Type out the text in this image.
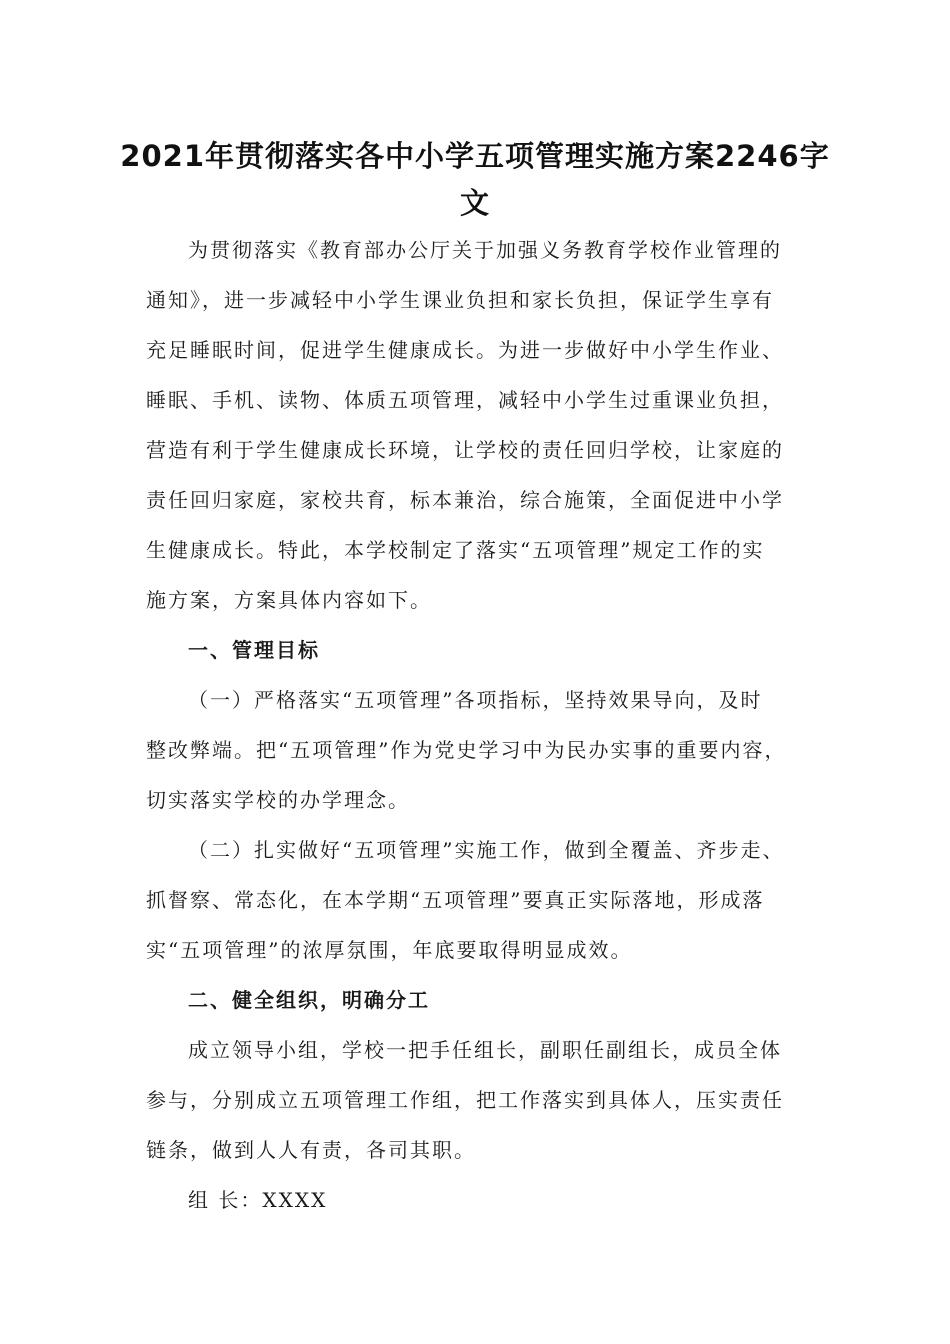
2021年贯彻落实各中小学五项管理实施方案2246字
文
为贯彻落实《教育部办公厅关于加强义务教育学校作业管理的
通知》，进一步减轻中小学生课业负担和家长负担，保证学生享有
充足睡眠时间，促进学生健康成长。为进一步做好中小学生作业、
睡眠、手机、读物、体质五项管理，减轻中小学生过重课业负担，
营造有利于学生健康成长环境，让学校的责任回归学校，让家庭的
责任回归家庭，家校共育，标本兼治，综合施策，全面促进中小学
生健康成长。特此，本学校制定了落实“五项管理”规定工作的实
施方案，方案具体内容如下。
一、管理目标
（一）严格落实“五项管理”各项指标，坚持效果导向，及时
整改弊端。把“五项管理”作为党史学习中为民办实事的重要内容，
切实落实学校的办学理念。
（二）扎实做好“五项管理”实施工作，做到全覆盖、齐步走、
抓督察、常态化，在本学期“五项管理”要真正实际落地，形成落
实“五项管理”的浓厚氛围，年底要取得明显成效。
二、健全组织，明确分工
成立领导小组，学校一把手任组长，副职任副组长，成员全体
参与，分别成立五项管理工作组，把工作落实到具体人，压实责任
链条，做到人人有责，各司其职。
组 长：XXXX
